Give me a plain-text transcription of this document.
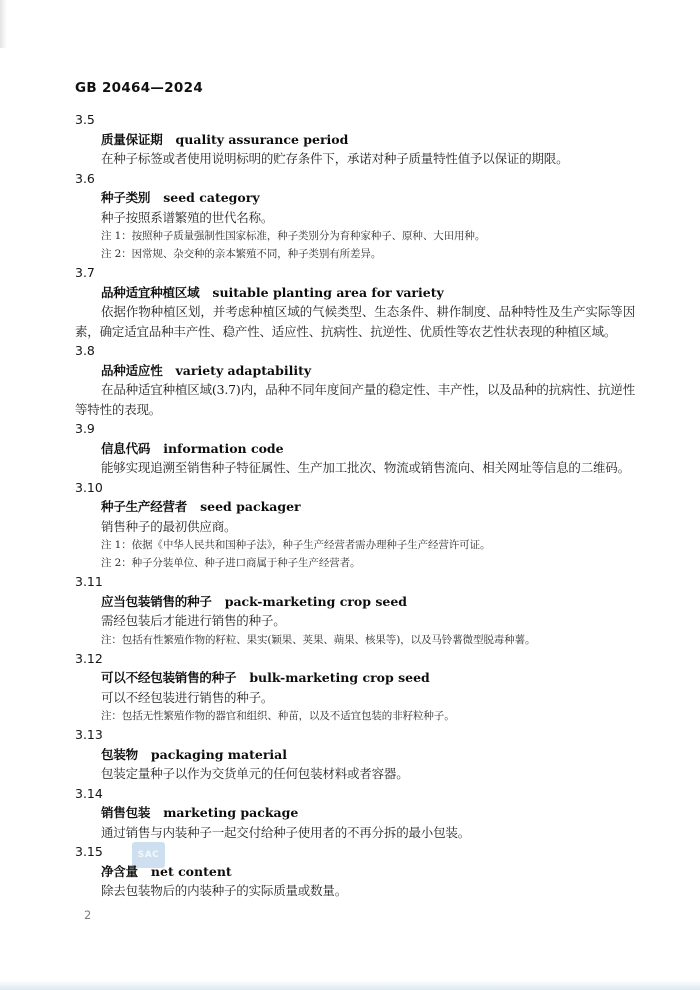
GB 20464—2024
SAC
3.5
质量保证期 quality assurance period

在种子标签或者使用说明标明的贮存条件下，承诺对种子质量特性值予以保证的期限。

3.6
种子类别 seed category

种子按照系谱繁殖的世代名称。

注 1：按照种子质量强制性国家标准，种子类别分为育种家种子、原种、大田用种。

注 2：因常规、杂交种的亲本繁殖不同，种子类别有所差异。

3.7
品种适宜种植区域 suitable planting area for variety

依据作物种植区划，并考虑种植区域的气候类型、生态条件、耕作制度、品种特性及生产实际等因素，确定适宜品种丰产性、稳产性、适应性、抗病性、抗逆性、优质性等农艺性状表现的种植区域。

3.8
品种适应性 variety adaptability

在品种适宜种植区域(3.7)内，品种不同年度间产量的稳定性、丰产性，以及品种的抗病性、抗逆性等特性的表现。

3.9
信息代码 information code

能够实现追溯至销售种子特征属性、生产加工批次、物流或销售流向、相关网址等信息的二维码。

3.10
种子生产经营者 seed packager

销售种子的最初供应商。

注 1：依据《中华人民共和国种子法》，种子生产经营者需办理种子生产经营许可证。

注 2：种子分装单位、种子进口商属于种子生产经营者。

3.11
应当包装销售的种子 pack-marketing crop seed

需经包装后才能进行销售的种子。

注：包括有性繁殖作物的籽粒、果实(颖果、荚果、蒴果、核果等)，以及马铃薯微型脱毒种薯。

3.12
可以不经包装销售的种子 bulk-marketing crop seed

可以不经包装进行销售的种子。

注：包括无性繁殖作物的器官和组织、种苗，以及不适宜包装的非籽粒种子。

3.13
包装物 packaging material

包装定量种子以作为交货单元的任何包装材料或者容器。

3.14
销售包装 marketing package

通过销售与内装种子一起交付给种子使用者的不再分拆的最小包装。

3.15
净含量 net content

除去包装物后的内装种子的实际质量或数量。

2
